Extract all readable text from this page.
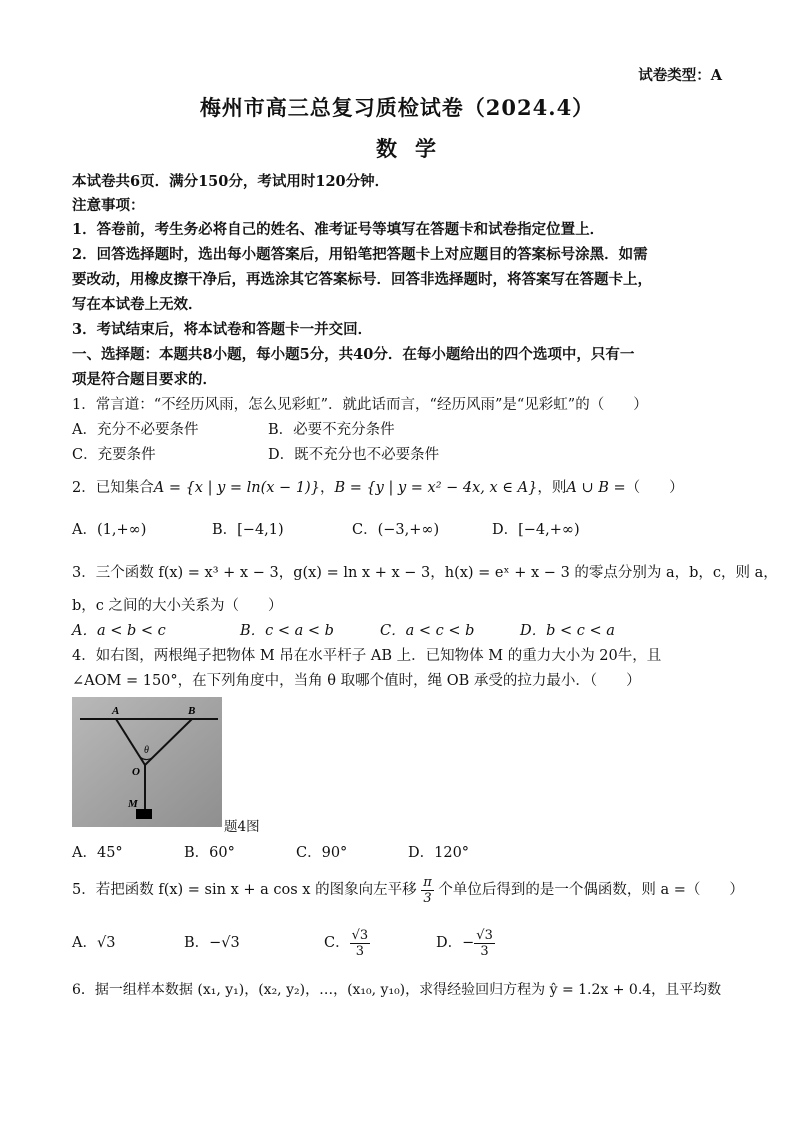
试卷类型：A
梅州市高三总复习质检试卷（2024.4）
数学
本试卷共6页．满分150分，考试用时120分钟．
注意事项：
1．答卷前，考生务必将自己的姓名、准考证号等填写在答题卡和试卷指定位置上．
2．回答选择题时，选出每小题答案后，用铅笔把答题卡上对应题目的答案标号涂黑．如需
要改动，用橡皮擦干净后，再选涂其它答案标号．回答非选择题时，将答案写在答题卡上，
写在本试卷上无效．
3．考试结束后，将本试卷和答题卡一并交回．
一、选择题：本题共8小题，每小题5分，共40分．在每小题给出的四个选项中，只有一
项是符合题目要求的．
1．常言道：“不经历风雨，怎么见彩虹”．就此话而言，“经历风雨”是“见彩虹”的（　　）
A．充分不必要条件	B．必要不充分条件
C．充要条件	D．既不充分也不必要条件
2．已知集合A = {x | y = ln(x − 1)}，B = {y | y = x² − 4x, x ∈ A}，则A ∪ B =（　　）
A．(1,+∞)	B．[−4,1)	C．(−3,+∞)	D．[−4,+∞)
3．三个函数 f(x) = x³ + x − 3，g(x) = ln x + x − 3，h(x) = eˣ + x − 3 的零点分别为 a，b，c，则 a，
b，c 之间的大小关系为（　　）
A．a < b < c	B．c < a < b	C．a < c < b	D．b < c < a
4．如右图，两根绳子把物体 M 吊在水平杆子 AB 上．已知物体 M 的重力大小为 20牛，且
∠AOM = 150°，在下列角度中，当角 θ 取哪个值时，绳 OB 承受的拉力最小．（　　）
A	B
θ
O
M
题4图
A．45°	B．60°	C．90°	D．120°
5．若把函数 f(x) = sin x + a cos x 的图象向左平移 $\frac{\pi}{3}$ 个单位后得到的是一个偶函数，则 a =（　　）
A．√3	B．−√3	C． $\frac{√3}{3}$	D．− $\frac{√3}{3}$
6．据一组样本数据 (x₁, y₁)，(x₂, y₂)，…，(x₁₀, y₁₀)，求得经验回归方程为 ŷ = 1.2x + 0.4，且平均数
